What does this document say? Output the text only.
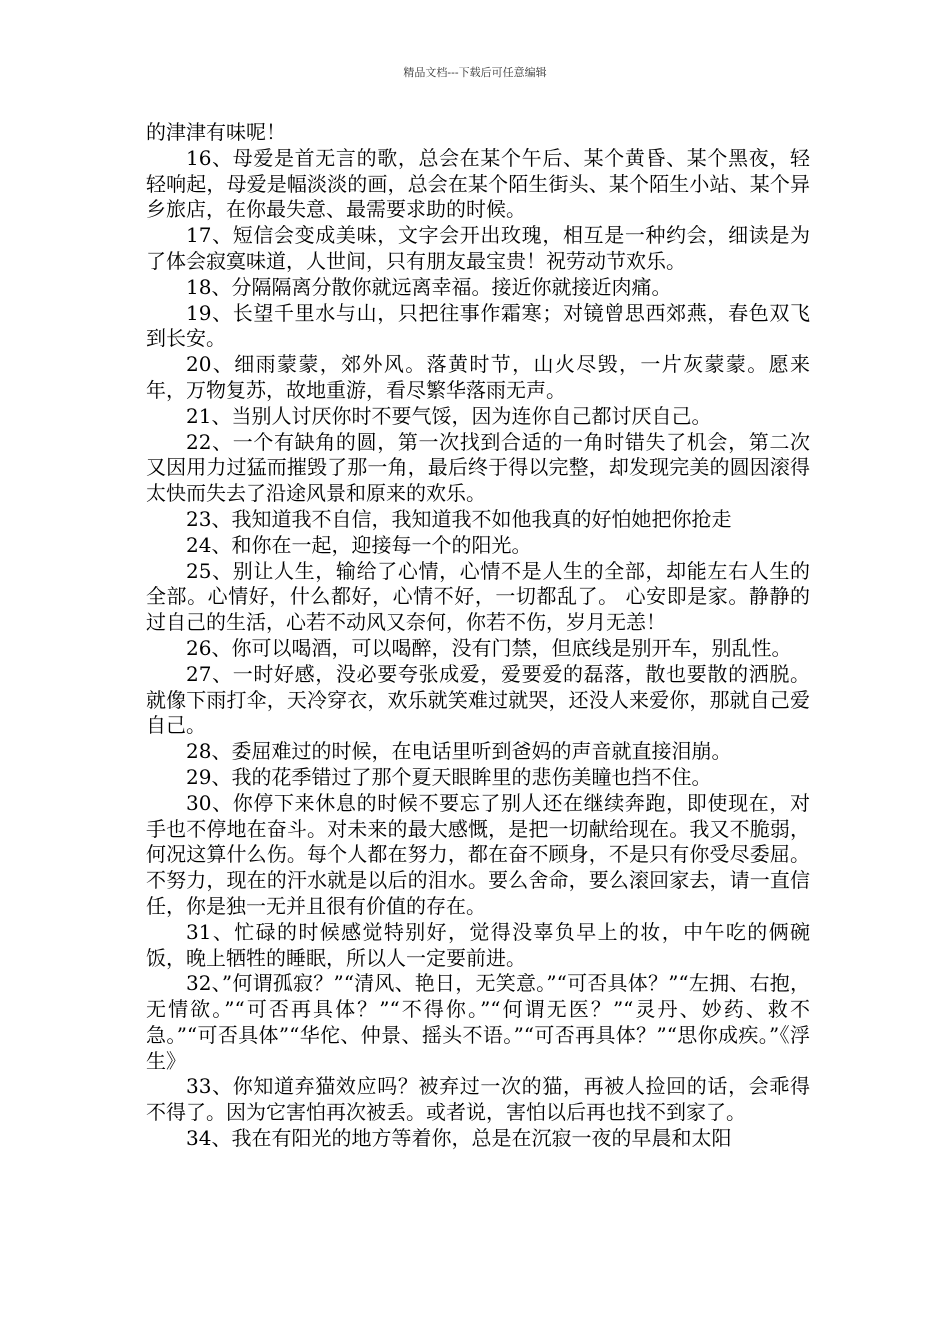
精品文档---下载后可任意编辑

的津津有味呢！

16、母爱是首无言的歌，总会在某个午后、某个黄昏、某个黑夜，轻轻响起，母爱是幅淡淡的画，总会在某个陌生街头、某个陌生小站、某个异乡旅店，在你最失意、最需要求助的时候。

17、短信会变成美味，文字会开出玫瑰，相互是一种约会，细读是为了体会寂寞味道，人世间，只有朋友最宝贵！祝劳动节欢乐。

18、分隔隔离分散你就远离幸福。接近你就接近肉痛。

19、长望千里水与山，只把往事作霜寒；对镜曾思西郊燕，春色双飞到长安。

20、细雨蒙蒙，郊外风。落黄时节，山火尽毁，一片灰蒙蒙。愿来年，万物复苏，故地重游，看尽繁华落雨无声。

21、当别人讨厌你时不要气馁，因为连你自己都讨厌自己。

22、一个有缺角的圆，第一次找到合适的一角时错失了机会，第二次又因用力过猛而摧毁了那一角，最后终于得以完整，却发现完美的圆因滚得太快而失去了沿途风景和原来的欢乐。

23、我知道我不自信，我知道我不如他我真的好怕她把你抢走

24、和你在一起，迎接每一个的阳光。

25、别让人生，输给了心情，心情不是人生的全部，却能左右人生的全部。心情好，什么都好，心情不好，一切都乱了。 心安即是家。静静的过自己的生活，心若不动风又奈何，你若不伤，岁月无恙！

26、你可以喝酒，可以喝醉，没有门禁，但底线是别开车，别乱性。

27、一时好感，没必要夸张成爱，爱要爱的磊落，散也要散的洒脱。就像下雨打伞，天冷穿衣，欢乐就笑难过就哭，还没人来爱你，那就自己爱自己。

28、委屈难过的时候，在电话里听到爸妈的声音就直接泪崩。

29、我的花季错过了那个夏天眼眸里的悲伤美瞳也挡不住。

30、你停下来休息的时候不要忘了别人还在继续奔跑，即使现在，对手也不停地在奋斗。对未来的最大感慨，是把一切献给现在。我又不脆弱，何况这算什么伤。每个人都在努力，都在奋不顾身，不是只有你受尽委屈。不努力，现在的汗水就是以后的泪水。要么舍命，要么滚回家去，请一直信任，你是独一无并且很有价值的存在。

31、忙碌的时候感觉特别好，觉得没辜负早上的妆，中午吃的俩碗饭，晚上牺牲的睡眠，所以人一定要前进。

32、”何谓孤寂？”“清风、艳日，无笑意。”“可否具体？”“左拥、右抱，无情欲。”“可否再具体？”“不得你。”“何谓无医？”“灵丹、妙药、救不急。”“可否具体”“华佗、仲景、摇头不语。”“可否再具体？”“思你成疾。”《浮生》

33、你知道弃猫效应吗？被弃过一次的猫，再被人捡回的话，会乖得不得了。因为它害怕再次被丢。或者说，害怕以后再也找不到家了。

34、我在有阳光的地方等着你，总是在沉寂一夜的早晨和太阳
